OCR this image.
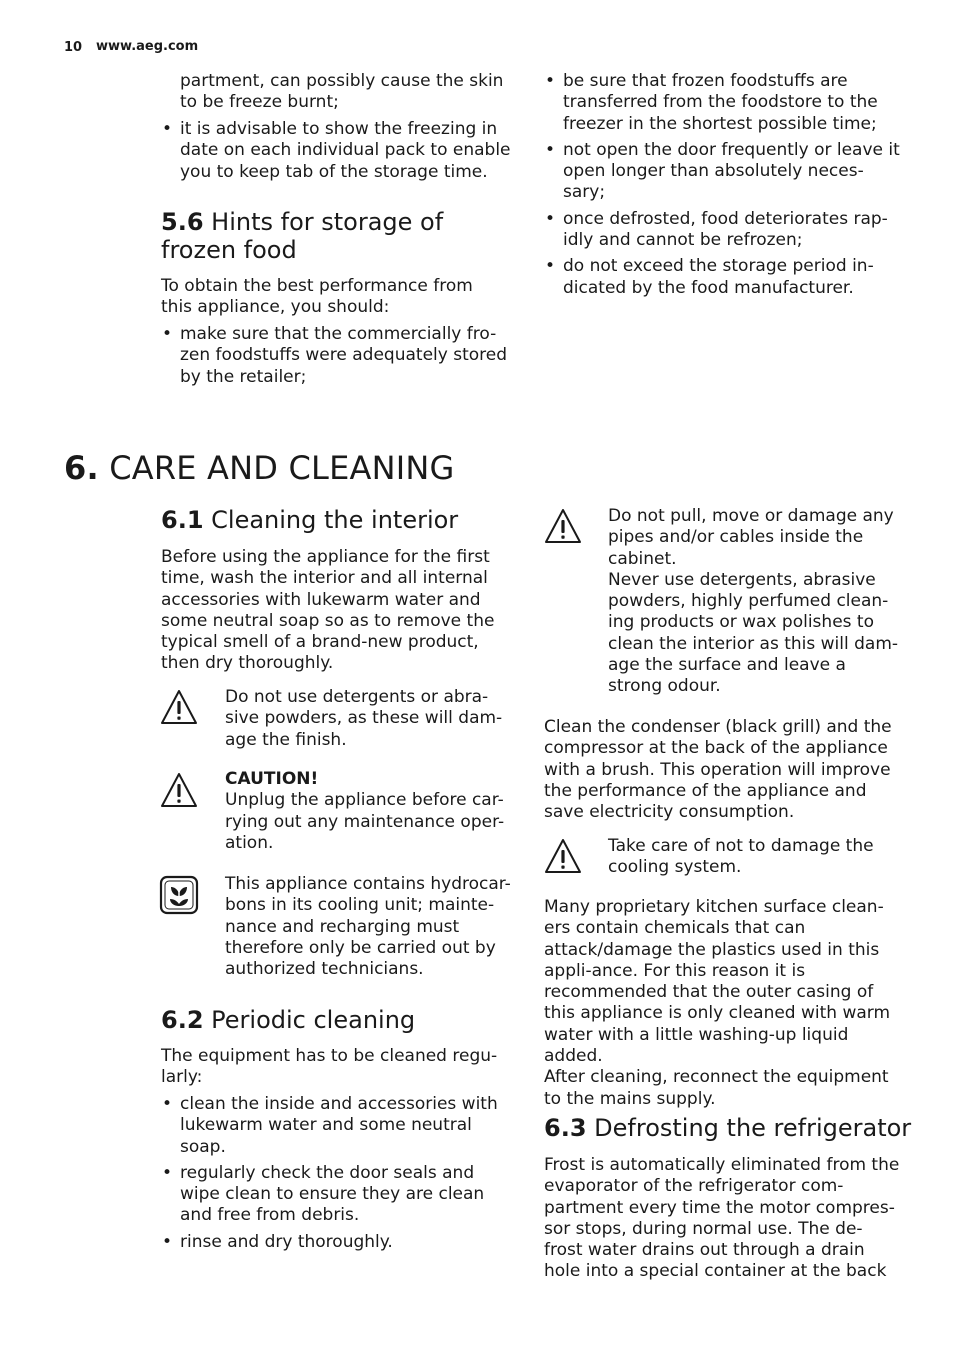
10 www.aeg.com
partment, can possibly cause the skin to be freeze burnt;
• it is advisable to show the freezing in date on each individual pack to enable you to keep tab of the storage time.
5.6 Hints for storage of frozen food
To obtain the best performance from this appliance, you should:
• make sure that the commercially fro-zen foodstuffs were adequately stored by the retailer;
• be sure that frozen foodstuffs are transferred from the foodstore to the freezer in the shortest possible time;
• not open the door frequently or leave it open longer than absolutely neces-sary;
• once defrosted, food deteriorates rap-idly and cannot be refrozen;
• do not exceed the storage period in-dicated by the food manufacturer.
6. CARE AND CLEANING
6.1 Cleaning the interior
Before using the appliance for the first time, wash the interior and all internal accessories with lukewarm water and some neutral soap so as to remove the typical smell of a brand-new product, then dry thoroughly.
Do not use detergents or abra-sive powders, as these will dam-age the finish.
CAUTION!
Unplug the appliance before car-rying out any maintenance oper-ation.
This appliance contains hydrocar-bons in its cooling unit; mainte-nance and recharging must therefore only be carried out by authorized technicians.
6.2 Periodic cleaning
The equipment has to be cleaned regu-larly:
• clean the inside and accessories with lukewarm water and some neutral soap.
• regularly check the door seals and wipe clean to ensure they are clean and free from debris.
• rinse and dry thoroughly.
Do not pull, move or damage any pipes and/or cables inside the cabinet.
Never use detergents, abrasive powders, highly perfumed clean-ing products or wax polishes to clean the interior as this will dam-age the surface and leave a strong odour.
Clean the condenser (black grill) and the compressor at the back of the appliance with a brush. This operation will improve the performance of the appliance and save electricity consumption.
Take care of not to damage the cooling system.
Many proprietary kitchen surface clean-ers contain chemicals that can attack/damage the plastics used in this appli-ance. For this reason it is recommended that the outer casing of this appliance is only cleaned with warm water with a little washing-up liquid added.
After cleaning, reconnect the equipment to the mains supply.
6.3 Defrosting the refrigerator
Frost is automatically eliminated from the evaporator of the refrigerator com-partment every time the motor compres-sor stops, during normal use. The de-frost water drains out through a drain hole into a special container at the back
